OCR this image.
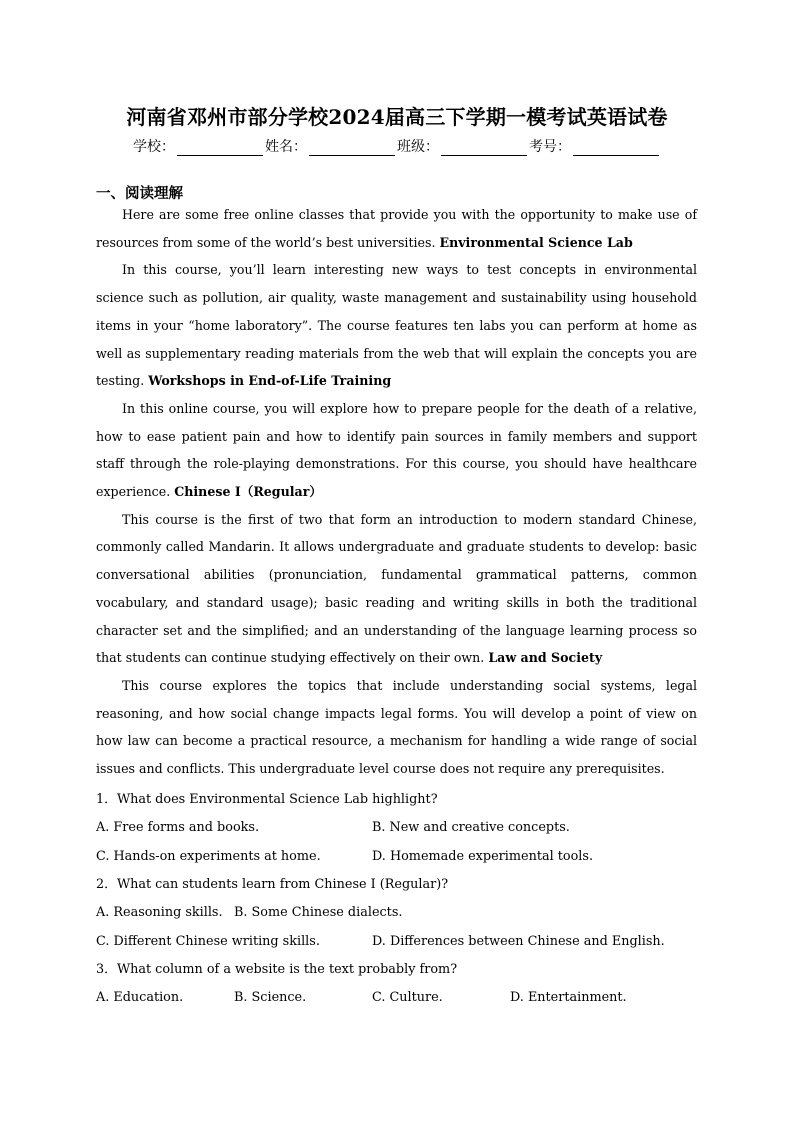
河南省邓州市部分学校2024届高三下学期一模考试英语试卷
学校：	姓名：	班级：	考号：
一、阅读理解

Here are some free online classes that provide you with the opportunity to make use of resources from some of the world’s best universities. Environmental Science Lab

In this course, you’ll learn interesting new ways to test concepts in environmental science such as pollution, air quality, waste management and sustainability using household items in your “home laboratory”. The course features ten labs you can perform at home as well as supplementary reading materials from the web that will explain the concepts you are testing. Workshops in End-of-Life Training

In this online course, you will explore how to prepare people for the death of a relative, how to ease patient pain and how to identify pain sources in family members and support staff through the role-playing demonstrations. For this course, you should have healthcare experience. Chinese I（Regular）

This course is the first of two that form an introduction to modern standard Chinese, commonly called Mandarin. It allows undergraduate and graduate students to develop: basic conversational abilities (pronunciation, fundamental grammatical patterns, common vocabulary, and standard usage); basic reading and writing skills in both the traditional character set and the simplified; and an understanding of the language learning process so that students can continue studying effectively on their own. Law and Society

This course explores the topics that include understanding social systems, legal reasoning, and how social change impacts legal forms. You will develop a point of view on how law can become a practical resource, a mechanism for handling a wide range of social issues and conflicts. This undergraduate level course does not require any prerequisites.

1．What does Environmental Science Lab highlight?
A. Free forms and books.	B. New and creative concepts.
C. Hands-on experiments at home.	D. Homemade experimental tools.
2．What can students learn from Chinese I (Regular)?
A. Reasoning skills. B. Some Chinese dialects.
C. Different Chinese writing skills.	D. Differences between Chinese and English.
3．What column of a website is the text probably from?
A. Education.	B. Science.	C. Culture.	D. Entertainment.
